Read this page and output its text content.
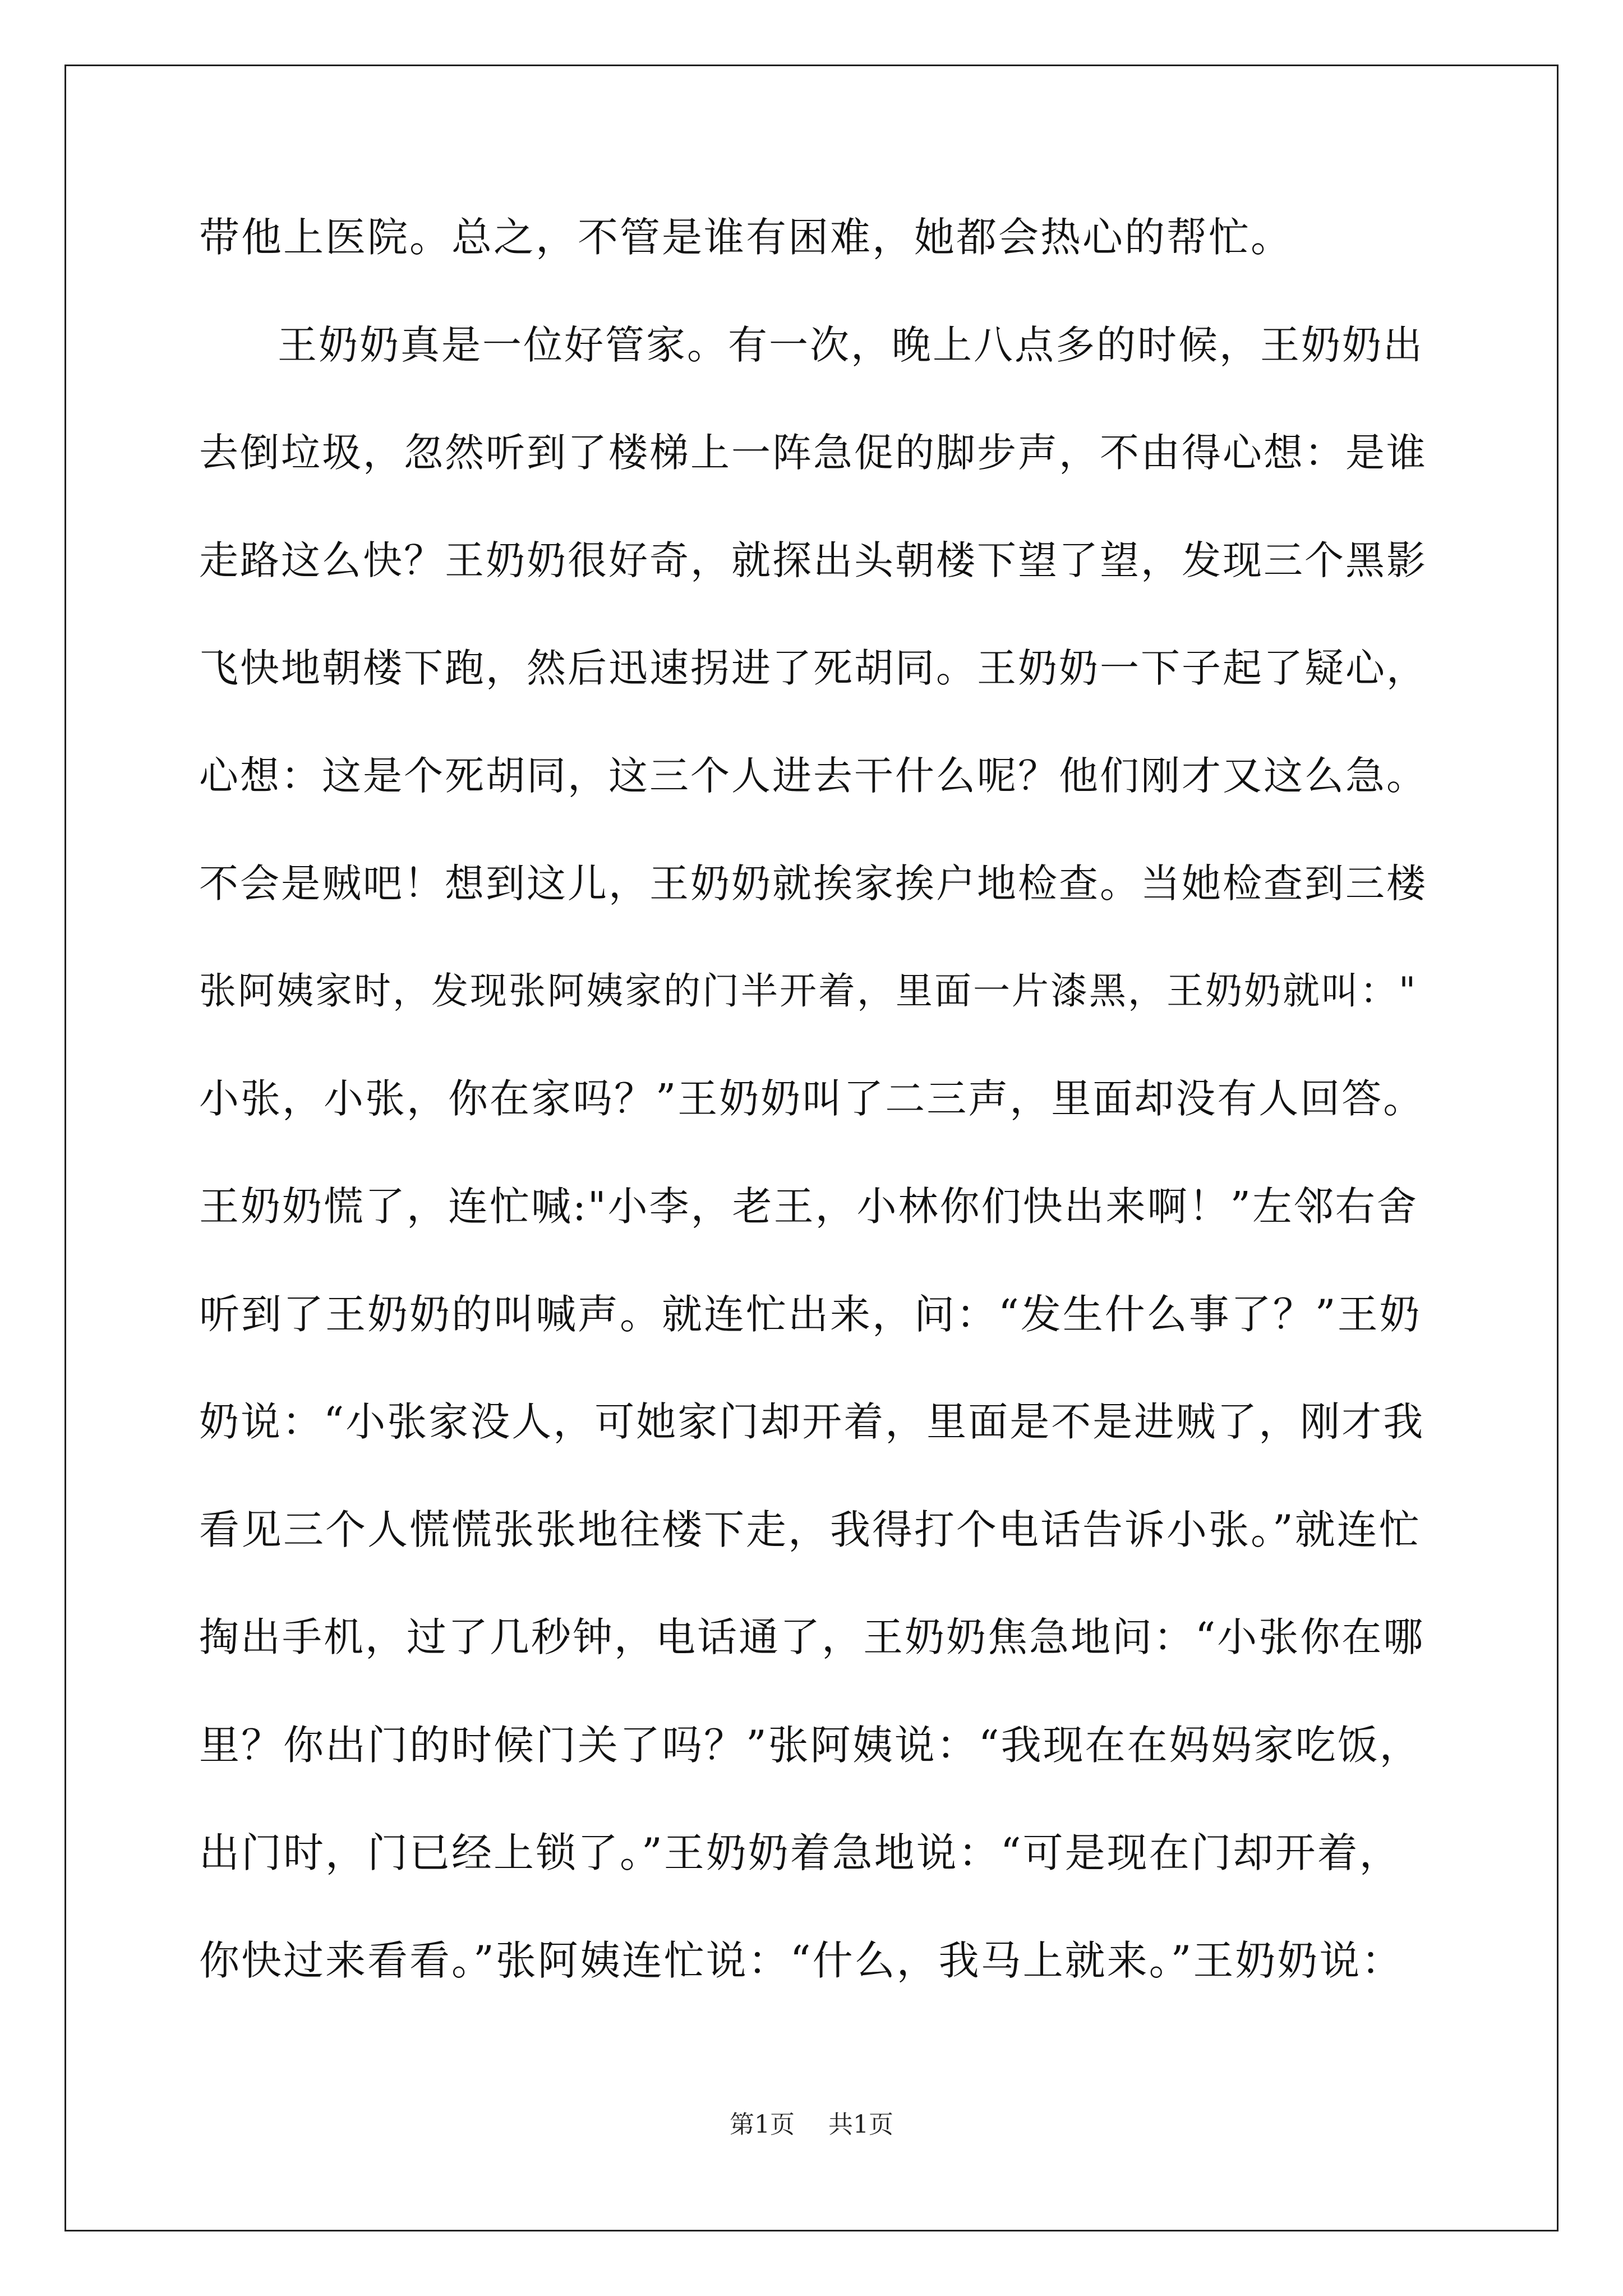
带他上医院。总之，不管是谁有困难，她都会热心的帮忙。
王奶奶真是一位好管家。有一次，晚上八点多的时候，王奶奶出
去倒垃圾，忽然听到了楼梯上一阵急促的脚步声，不由得心想：是谁
走路这么快？王奶奶很好奇，就探出头朝楼下望了望，发现三个黑影
飞快地朝楼下跑，然后迅速拐进了死胡同。王奶奶一下子起了疑心，
心想：这是个死胡同，这三个人进去干什么呢？他们刚才又这么急。
不会是贼吧！想到这儿，王奶奶就挨家挨户地检查。当她检查到三楼
张阿姨家时，发现张阿姨家的门半开着，里面一片漆黑，王奶奶就叫："
小张，小张，你在家吗？”王奶奶叫了二三声，里面却没有人回答。
王奶奶慌了，连忙喊:"小李，老王，小林你们快出来啊！”左邻右舍
听到了王奶奶的叫喊声。就连忙出来，问：“发生什么事了？”王奶
奶说：“小张家没人，可她家门却开着，里面是不是进贼了，刚才我
看见三个人慌慌张张地往楼下走，我得打个电话告诉小张。”就连忙
掏出手机，过了几秒钟，电话通了，王奶奶焦急地问：“小张你在哪
里？你出门的时候门关了吗？”张阿姨说：“我现在在妈妈家吃饭，
出门时，门已经上锁了。”王奶奶着急地说：“可是现在门却开着，
你快过来看看。”张阿姨连忙说：“什么，我马上就来。”王奶奶说：
第1页 共1页
